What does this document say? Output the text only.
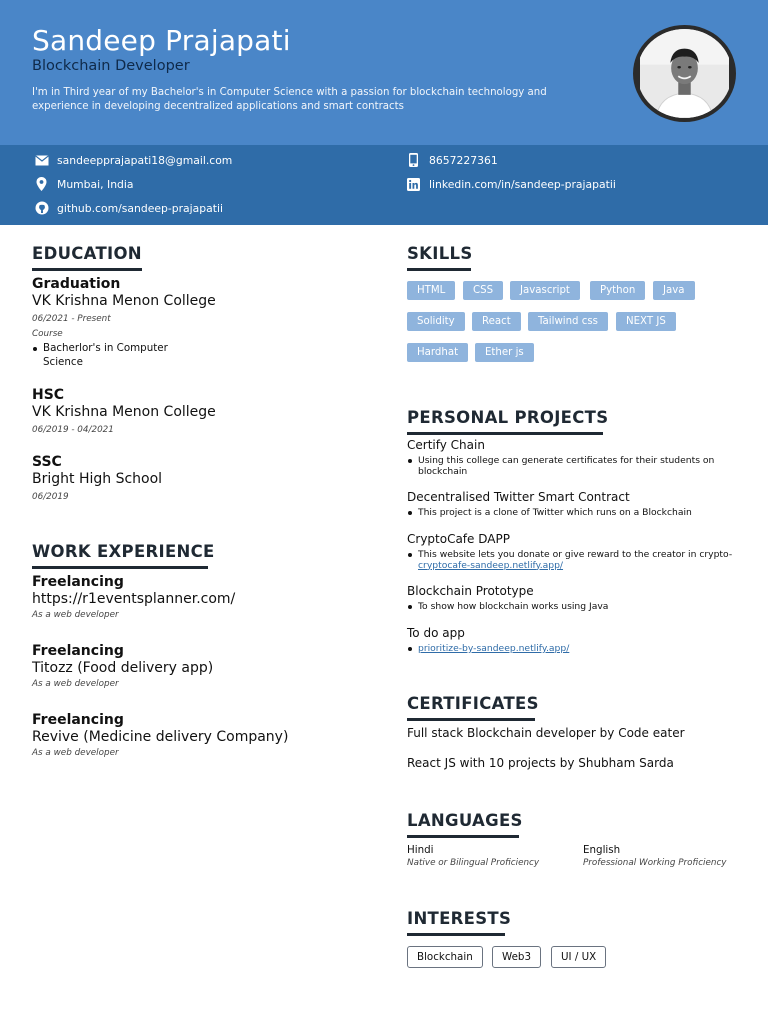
Sandeep Prajapati
Blockchain Developer
I'm in Third year of my Bachelor's in Computer Science with a passion for blockchain technology and experience in developing decentralized applications and smart contracts
sandeepprajapati18@gmail.com
Mumbai, India
github.com/sandeep-prajapatii
8657227361
linkedin.com/in/sandeep-prajapatii
EDUCATION
Graduation
VK Krishna Menon College
06/2021 - Present
Course
Bacherlor's in Computer Science
HSC
VK Krishna Menon College
06/2019 - 04/2021
SSC
Bright High School
06/2019
WORK EXPERIENCE
Freelancing
https://r1eventsplanner.com/
As a web developer
Freelancing
Titozz (Food delivery app)
As a web developer
Freelancing
Revive (Medicine delivery Company)
As a web developer
SKILLS
HTML	CSS	Javascript	Python	Java
Solidity	React	Tailwind css	NEXT JS
Hardhat	Ether js
PERSONAL PROJECTS
Certify Chain
Using this college can generate certificates for their students on blockchain
Decentralised Twitter Smart Contract
This project is a clone of Twitter which runs on a Blockchain
CryptoCafe DAPP
This website lets you donate or give reward to the creator in crypto- cryptocafe-sandeep.netlify.app/
Blockchain Prototype
To show how blockchain works using Java
To do app
prioritize-by-sandeep.netlify.app/
CERTIFICATES
Full stack Blockchain developer by Code eater
React JS with 10 projects by Shubham Sarda
LANGUAGES
Hindi
Native or Bilingual Proficiency
English
Professional Working Proficiency
INTERESTS
Blockchain	Web3	UI / UX
